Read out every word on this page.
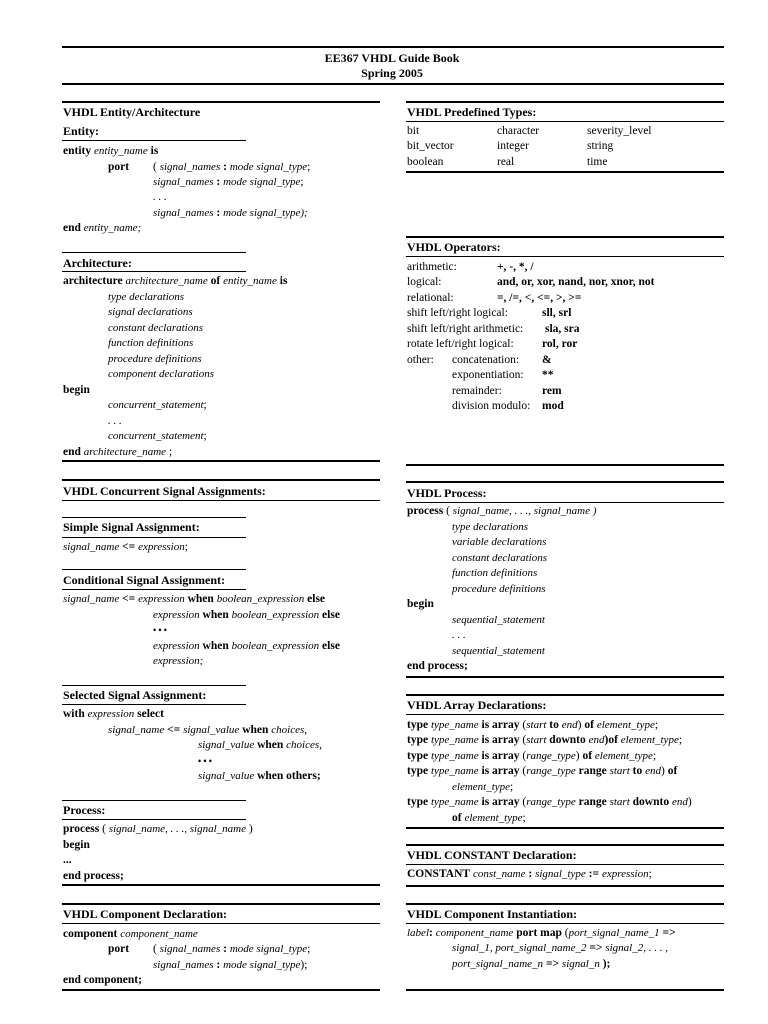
EE367 VHDL Guide Book
Spring 2005
VHDL Entity/Architecture
Entity:
entity entity_name is
port ( signal_names : mode signal_type;
signal_names : mode signal_type;
. . .
signal_names : mode signal_type);
end entity_name;
Architecture:
architecture architecture_name of entity_name is
type declarations
signal declarations
constant declarations
function definitions
procedure definitions
component declarations
begin
concurrent_statement;
. . .
concurrent_statement;
end architecture_name ;
VHDL Concurrent Signal Assignments:
Simple Signal Assignment:
signal_name <= expression;
Conditional Signal Assignment:
signal_name <= expression when boolean_expression else
expression when boolean_expression else
• • •
expression when boolean_expression else
expression;
Selected Signal Assignment:
with expression select
signal_name <= signal_value when choices,
signal_value when choices,
• • •
signal_value when others;
Process:
process ( signal_name, . . ., signal_name )
begin
...
end process;
VHDL Component Declaration:
component component_name
port ( signal_names : mode signal_type;
signal_names : mode signal_type);
end component;
VHDL Predefined Types:
bit	character	severity_level
bit_vector	integer	string
boolean	real	time
VHDL Operators:
arithmetic:	+, -, *, /
logical:	and, or, xor, nand, nor, xnor, not
relational:	=, /=, <, <=, >, >=
shift left/right logical:	sll, srl
shift left/right arithmetic: sla, sra
rotate left/right logical: rol, ror
other: concatenation: &
exponentiation: **
remainder:	rem
division modulo: mod
VHDL Process:
process ( signal_name, . . ., signal_name )
type declarations
variable declarations
constant declarations
function definitions
procedure definitions
begin
sequential_statement
. . .
sequential_statement
end process;
VHDL Array Declarations:
type type_name is array (start to end) of element_type;
type type_name is array (start downto end)of element_type;
type type_name is array (range_type) of element_type;
type type_name is array (range_type range start to end) of
element_type;
type type_name is array (range_type range start downto end)
of element_type;
VHDL CONSTANT Declaration:
CONSTANT const_name : signal_type := expression;
VHDL Component Instantiation:
label: component_name port map (port_signal_name_1 =>
signal_1, port_signal_name_2 => signal_2, . . . ,
port_signal_name_n => signal_n );
